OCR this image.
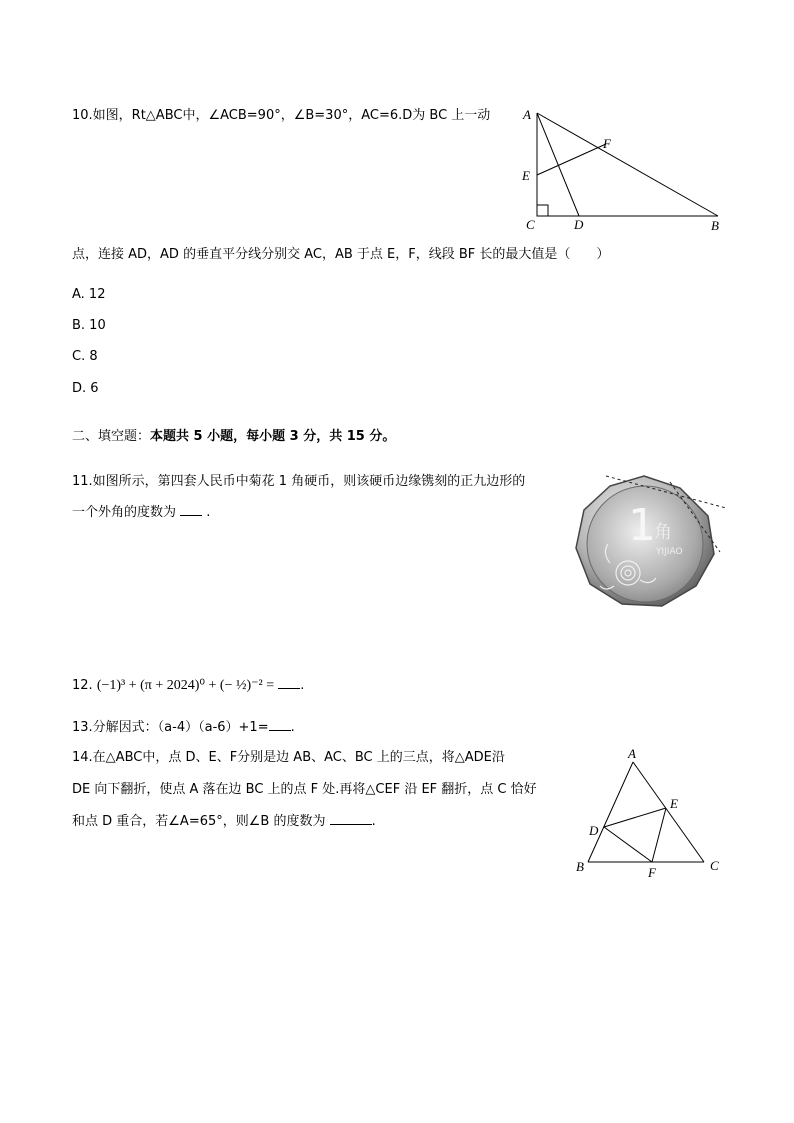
10.如图，Rt△ABC中，∠ACB=90°，∠B=30°，AC=6.D为 BC 上一动	A
F
E
C	D	B
点，连接 AD，AD 的垂直平分线分别交 AC，AB 于点 E，F，线段 BF 长的最大值是（　　）
A. 12
B. 10
C. 8
D. 6
二、填空题：本题共 5 小题，每小题 3 分，共 15 分。
11.如图所示，第四套人民币中菊花 1 角硬币，则该硬币边缘镌刻的正九边形的
一个外角的度数为 .	1
角
YIJIAO
12. (−1)³ + (π + 2024)⁰ + (− ½)⁻² = .
13.分解因式：（a-4）（a-6）+1= .
14.在△ABC中，点 D、E、F分别是边 AB、AC、BC 上的三点，将△ADE沿
DE 向下翻折，使点 A 落在边 BC 上的点 F 处.再将△CEF 沿 EF 翻折，点 C 恰好
和点 D 重合，若∠A=65°，则∠B 的度数为	.
A
E
D
B	F	C
